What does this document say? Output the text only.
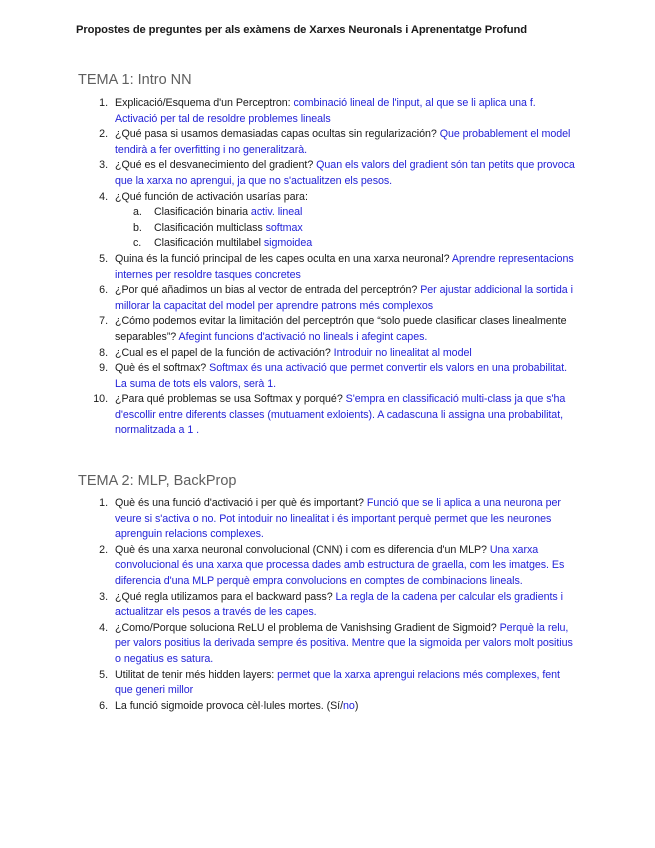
Propostes de preguntes per als exàmens de Xarxes Neuronals i Aprenentatge Profund
TEMA 1: Intro NN
1. Explicació/Esquema d'un Perceptron: combinació lineal de l'input, al que se li aplica una f. Activació per tal de resoldre problemes lineals
2. ¿Qué pasa si usamos demasiadas capas ocultas sin regularización? Que probablement el model tendirà a fer overfitting i no generalitzarà.
3. ¿Qué es el desvanecimiento del gradient? Quan els valors del gradient són tan petits que provoca que la xarxa no aprengui, ja que no s'actualitzen els pesos.
4. ¿Qué función de activación usarías para:
a. Clasificación binaria activ. lineal
b. Clasificación multiclass softmax
c. Clasificación multilabel sigmoidea
5. Quina és la funció principal de les capes oculta en una xarxa neuronal? Aprendre representacions internes per resoldre tasques concretes
6. ¿Por qué añadimos un bias al vector de entrada del perceptrón? Per ajustar addicional la sortida i millorar la capacitat del model per aprendre patrons més complexos
7. ¿Cómo podemos evitar la limitación del perceptrón que “solo puede clasificar clases linealmente separables”? Afegint funcions d'activació no lineals i afegint capes.
8. ¿Cual es el papel de la función de activación? Introduir no linealitat al model
9. Què és el softmax? Softmax és una activació que permet convertir els valors en una probabilitat. La suma de tots els valors, serà 1.
10. ¿Para qué problemas se usa Softmax y porqué? S'empra en classificació multi-class ja que s'ha d'escollir entre diferents classes (mutuament exloients). A cadascuna li assigna una probabilitat, normalitzada a 1 .
TEMA 2: MLP, BackProp
1. Què és una funció d'activació i per què és important? Funció que se li aplica a una neurona per veure si s'activa o no. Pot intoduir no linealitat i és important perquè permet que les neurones aprenguin relacions complexes.
2. Què és una xarxa neuronal convolucional (CNN) i com es diferencia d'un MLP? Una xarxa convolucional és una xarxa que processa dades amb estructura de graella, com les imatges. Es diferencia d'una MLP perquè empra convolucions en comptes de combinacions lineals.
3. ¿Qué regla utilizamos para el backward pass? La regla de la cadena per calcular els gradients i actualitzar els pesos a través de les capes.
4. ¿Como/Porque soluciona ReLU el problema de Vanishsing Gradient de Sigmoid? Perquè la relu, per valors positius la derivada sempre és positiva. Mentre que la sigmoida per valors molt positius o negatius es satura.
5. Utilitat de tenir més hidden layers: permet que la xarxa aprengui relacions més complexes, fent que generi millor
6. La funció sigmoide provoca cèl·lules mortes. (Sí/no)
